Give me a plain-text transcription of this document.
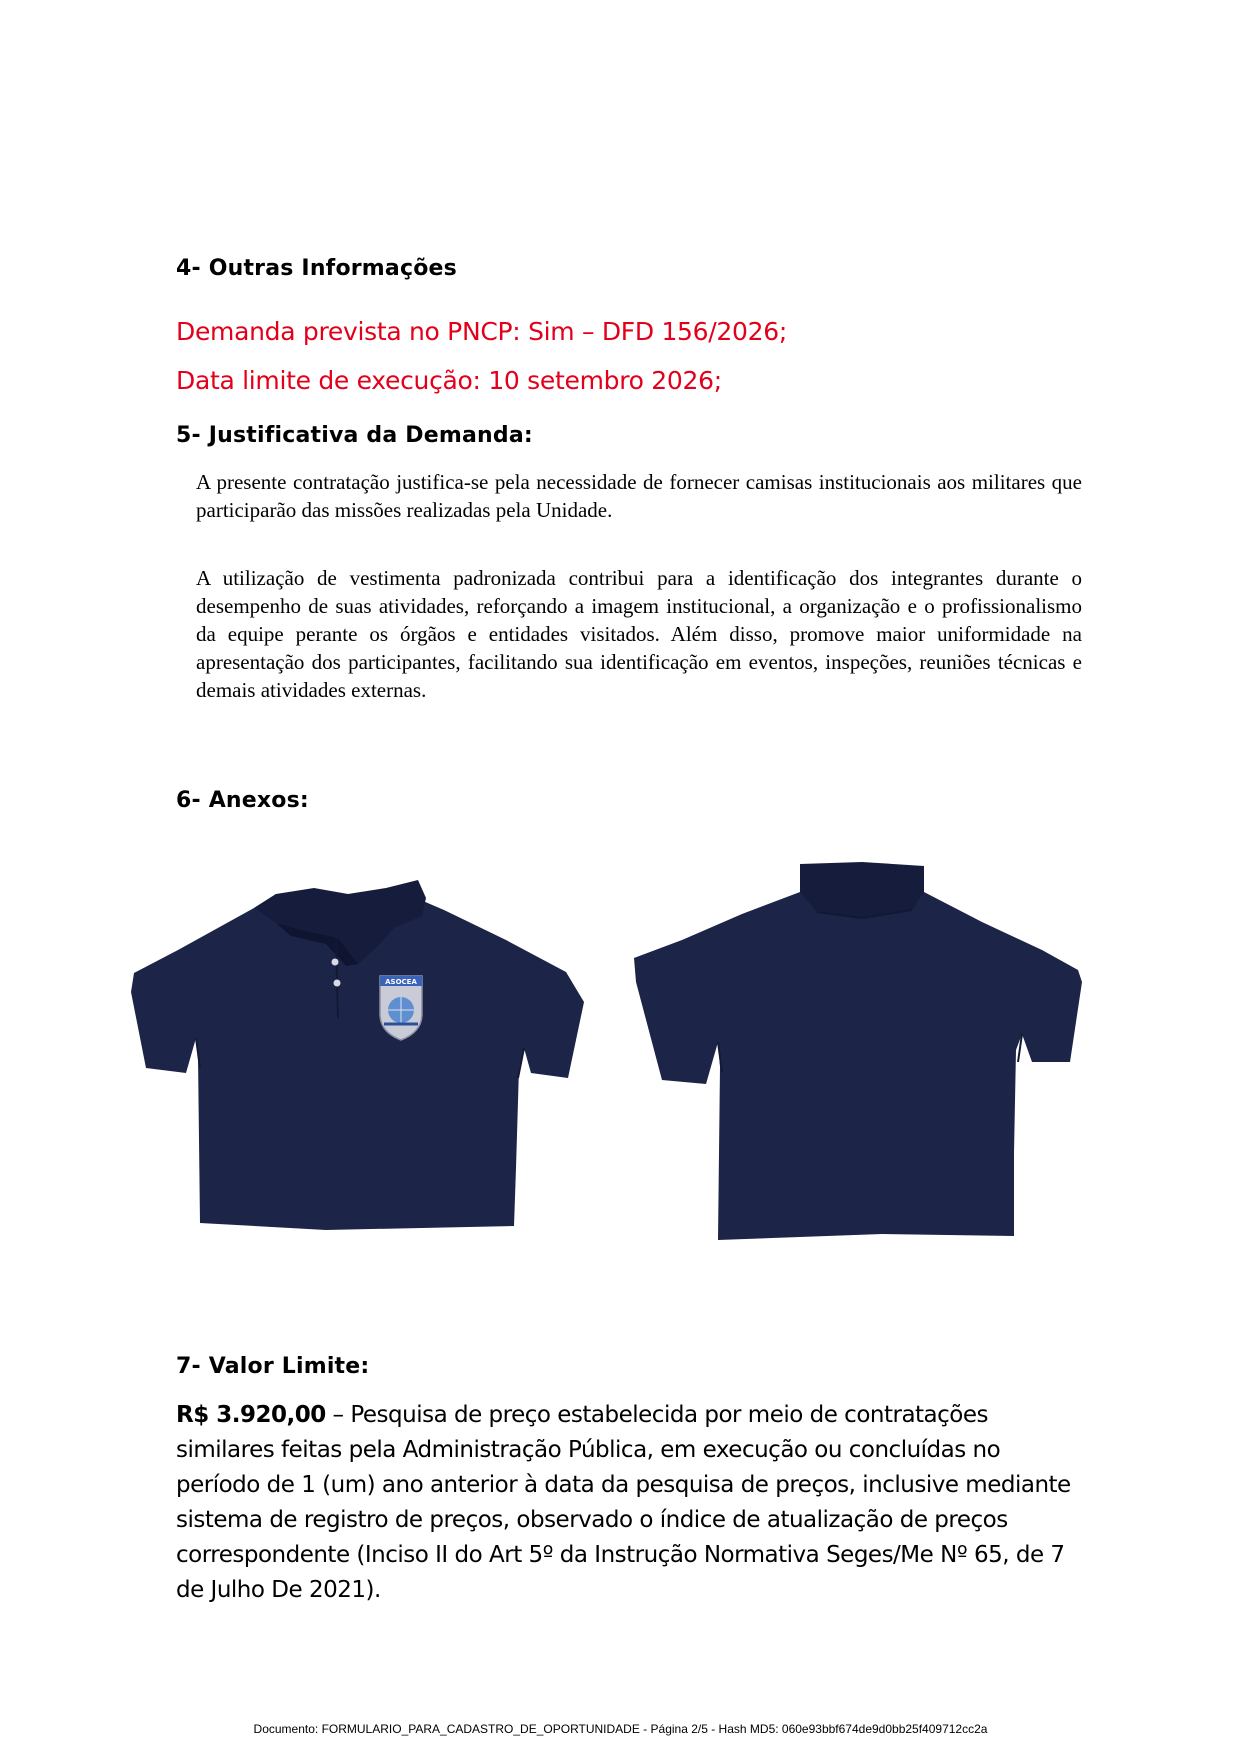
4- Outras Informações
Demanda prevista no PNCP: Sim – DFD 156/2026;
Data limite de execução: 10 setembro 2026;
5- Justificativa da Demanda:

A presente contratação justifica-se pela necessidade de fornecer camisas institucionais aos militares que participarão das missões realizadas pela Unidade.

A utilização de vestimenta padronizada contribui para a identificação dos integrantes durante o desempenho de suas atividades, reforçando a imagem institucional, a organização e o profissionalismo da equipe perante os órgãos e entidades visitados. Além disso, promove maior uniformidade na apresentação dos participantes, facilitando sua identificação em eventos, inspeções, reuniões técnicas e demais atividades externas.

6- Anexos:
ASOCEA
7- Valor Limite:

R$ 3.920,00 – Pesquisa de preço estabelecida por meio de contratações similares feitas pela Administração Pública, em execução ou concluídas no período de 1 (um) ano anterior à data da pesquisa de preços, inclusive mediante sistema de registro de preços, observado o índice de atualização de preços correspondente (Inciso II do Art 5º da Instrução Normativa Seges/Me Nº 65, de 7 de Julho De 2021).

Documento: FORMULARIO_PARA_CADASTRO_DE_OPORTUNIDADE - Página 2/5 - Hash MD5: 060e93bbf674de9d0bb25f409712cc2a
